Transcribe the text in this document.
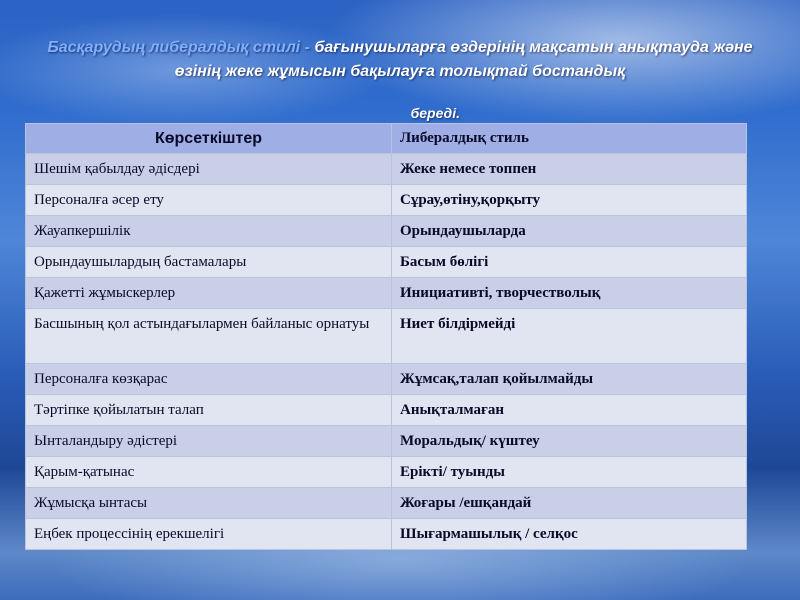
Басқарудың либералдық стилі - бағынушыларға өздерінің мақсатын анықтауда және өзінің жеке жұмысын бақылауға толықтай бостандық
береді.
Көрсеткіштер	Либералдық стиль
Шешім қабылдау әдісдері	Жеке немесе топпен
Персоналға әсер ету	Сұрау,өтіну,қорқыту
Жауапкершілік	Орындаушыларда
Орындаушылардың бастамалары	Басым бөлігі
Қажетті жұмыскерлер	Инициативті, творчестволық
Басшының қол астындағылармен байланыс орнатуы	Ниет білдірмейді
Персоналға көзқарас	Жұмсақ,талап қойылмайды
Тәртіпке қойылатын талап	Анықталмаған
Ынталандыру әдістері	Моральдық/ күштеу
Қарым-қатынас	Ерікті/ туынды
Жұмысқа ынтасы	Жоғары /ешқандай
Еңбек процессінің ерекшелігі	Шығармашылық / селқос
